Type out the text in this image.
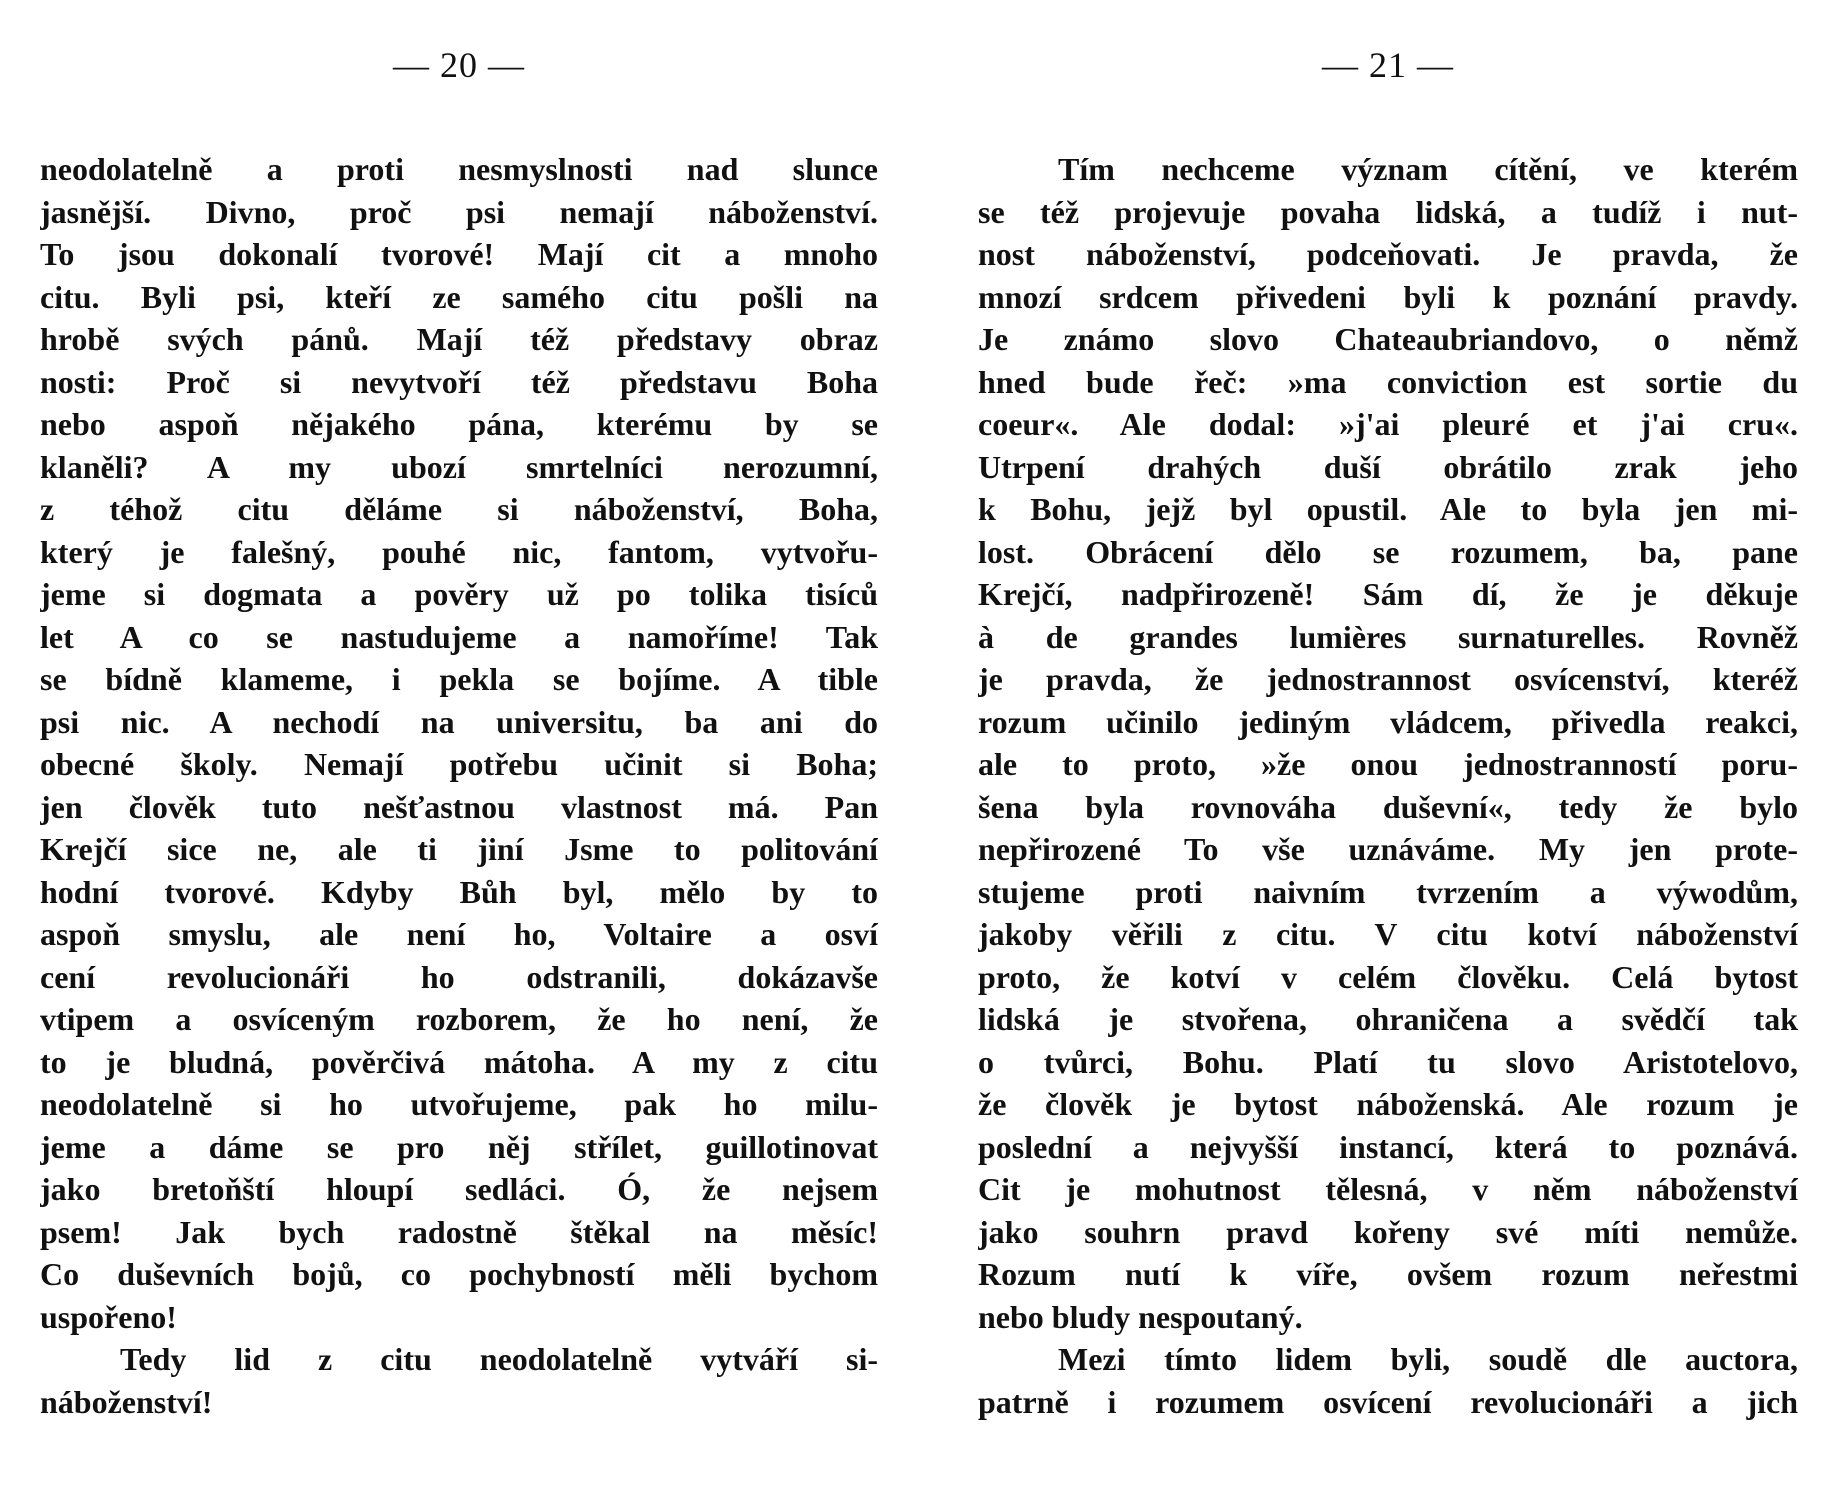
— 20 —
neodolatelně a proti nesmyslnosti nad slunce
jasnější. Divno, proč psi nemají náboženství.
To jsou dokonalí tvorové! Mají cit a mnoho
citu. Byli psi, kteří ze samého citu pošli na
hrobě svých pánů. Mají též představy obraz
nosti: Proč si nevytvoří též představu Boha
nebo aspoň nějakého pána, kterému by se
klaněli? A my ubozí smrtelníci nerozumní,
z téhož citu děláme si náboženství, Boha,
který je falešný, pouhé nic, fantom, vytvořu-
jeme si dogmata a pověry už po tolika tisíců
let A co se nastudujeme a namoříme! Tak
se bídně klameme, i pekla se bojíme. A tible
psi nic. A nechodí na universitu, ba ani do
obecné školy. Nemají potřebu učinit si Boha;
jen člověk tuto nešťastnou vlastnost má. Pan
Krejčí sice ne, ale ti jiní Jsme to politování
hodní tvorové. Kdyby Bůh byl, mělo by to
aspoň smyslu, ale není ho, Voltaire a osví
cení revolucionáři ho odstranili, dokázavše
vtipem a osvíceným rozborem, že ho není, že
to je bludná, pověrčivá mátoha. A my z citu
neodolatelně si ho utvořujeme, pak ho milu-
jeme a dáme se pro něj střílet, guillotinovat
jako bretoňští hloupí sedláci. Ó, že nejsem
psem! Jak bych radostně štěkal na měsíc!
Co duševních bojů, co pochybností měli bychom
uspořeno!
Tedy lid z citu neodolatelně vytváří si-
náboženství!
— 21 —
Tím nechceme význam cítění, ve kterém
se též projevuje povaha lidská, a tudíž i nut-
nost náboženství, podceňovati. Je pravda, že
mnozí srdcem přivedeni byli k poznání pravdy.
Je známo slovo Chateaubriandovo, o němž
hned bude řeč: »ma conviction est sortie du
coeur«. Ale dodal: »j'ai pleuré et j'ai cru«.
Utrpení drahých duší obrátilo zrak jeho
k Bohu, jejž byl opustil. Ale to byla jen mi-
lost. Obrácení dělo se rozumem, ba, pane
Krejčí, nadpřirozeně! Sám dí, že je děkuje
à de grandes lumières surnaturelles. Rovněž
je pravda, že jednostrannost osvícenství, kteréž
rozum učinilo jediným vládcem, přivedla reakci,
ale to proto, »že onou jednostranností poru-
šena byla rovnováha duševní«, tedy že bylo
nepřirozené To vše uznáváme. My jen prote-
stujeme proti naivním tvrzením a výwodům,
jakoby věřili z citu. V citu kotví náboženství
proto, že kotví v celém člověku. Celá bytost
lidská je stvořena, ohraničena a svědčí tak
o tvůrci, Bohu. Platí tu slovo Aristotelovo,
že člověk je bytost náboženská. Ale rozum je
poslední a nejvyšší instancí, která to poznává.
Cit je mohutnost tělesná, v něm náboženství
jako souhrn pravd kořeny své míti nemůže.
Rozum nutí k víře, ovšem rozum neřestmi
nebo bludy nespoutaný.
Mezi tímto lidem byli, soudě dle auctora,
patrně i rozumem osvícení revolucionáři a jich
